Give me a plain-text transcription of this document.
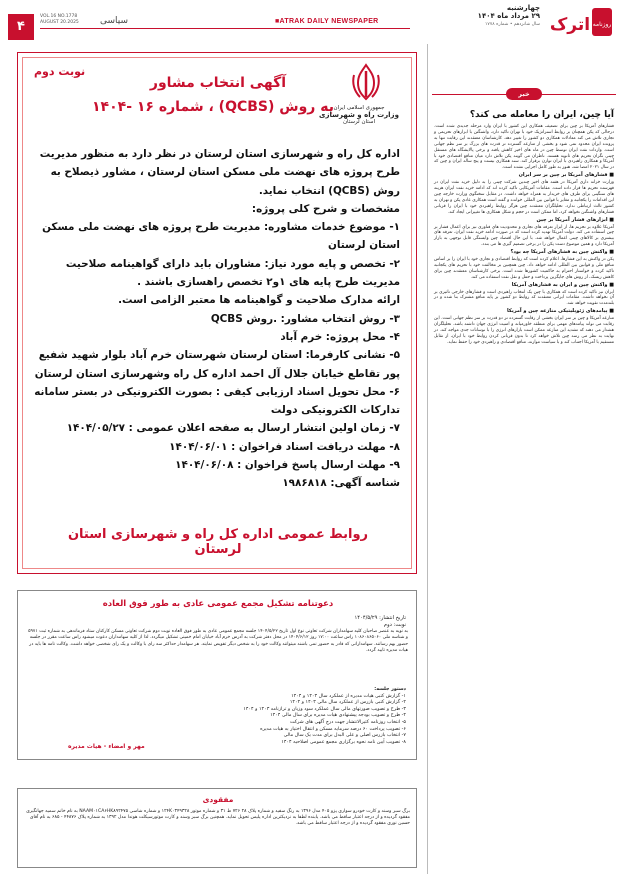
۴
VOL.16 NO.1778
AUGUST 20.2025 سیاسی	■ATRAK DAILY NEWSPAPER
چهارشنبه
۲۹ مرداد ماه ۱۴۰۴
سال شانزدهم • شماره ۱۷۷۸	روزنامه
اترک
نوبت دوم
جمهوری اسلامی ایران
وزارت راه و شهرسازی
استان لرستان
آگهی انتخاب مشاور
به روش (QCBS) ، شماره ۱۶ -۱۴۰۴

اداره کل راه و شهرسازی استان لرستان در نظر دارد به منظور مدیریت طرح پروژه های نهضت ملی مسکن استان لرستان ، مشاور ذیصلاح به روش (QCBS) انتخاب نماید.

مشخصات و شرح کلی پروژه:

۱- موضوع خدمات مشاوره: مدیریت طرح پروژه های نهضت ملی مسکن استان لرستان

۲- تخصص و پایه مورد نیاز: مشاوران باید دارای گواهینامه صلاحیت مدیریت طرح پایه های ۱و۲ تخصص راهسازی باشند .

ارائه مدارک صلاحیت و گواهینامه ها معتبر الزامی است.

۳- روش انتخاب مشاور: .روش QCBS

۴- محل پروژه: خرم آباد

۵- نشانی کارفرما: استان لرستان شهرستان خرم آباد بلوار شهید شفیع پور تقاطع خیابان جلال آل احمد اداره کل راه وشهرسازی استان لرستان

۶- محل تحویل اسناد ارزیابی کیفی : بصورت الکترونیکی در بستر سامانه تدارکات الکترونیکی دولت

۷- زمان اولین انتشار ارسال به صفحه اعلان عمومی : ۱۴۰۴/۰۵/۲۷

۸- مهلت دریافت اسناد فراخوان : ۱۴۰۴/۰۶/۰۱

۹- مهلت ارسال پاسخ فراخوان : ۱۴۰۴/۰۶/۰۸

شناسه آگهی: ۱۹۸۶۸۱۸

روابط عمومی اداره کل راه و شهرسازی استان لرستان
دعوتنامه تشکیل مجمع عمومی عادی به طور فوق العاده
تاریخ انتشار: ۱۴۰۴/۵/۲۹
نوبت: دوم
به نوبه به عنصر صاحبان کلیه سهامداران شرکت تعاونی نوع اول تاریخ ۱۴۰۴/۵/۲۲ جلسه مجمع عمومی عادی به طور فوق العاده نوبت دوم شرکت تعاونی مسکن کارکنان ستاد فرماندهی به شماره ثبت ۵۹۷۱ و شناسه ملی ۱۰۸۶۰۸۶۵۰۶۰ راس ساعت ۱۷:۰۰ روز ۱۴۰۴/۶/۱۲ در محل دفتر شرکت به آدرس خرم آباد خیابان امام خمینی تشکیل میگردد. لذا از کلیه سهامداران دعوت میشود راس ساعت مقرر در جلسه حضور بهم رسانند. سهامدارانی که قادر به حضور نمی باشند میتوانند وکالت خود را به شخص دیگر تفویض نمایند. هر سهامدار حداکثر سه رای با وکالت و یک رای شخصی خواهد داشت. وکالت نامه ها باید در هیات مدیره تایید گردد.
دستور جلسه:
۱- گزارش کتبی هیات مدیره از عملکرد سال ۱۴۰۳ و ۱۴۰۴
۲- گزارش کتبی بازرس از عملکرد سال مالی ۱۴۰۳ و ۱۴۰۴
۳- طرح و تصویب صورتهای مالی سال عملکرد سود وزیان و ترازنامه ۱۴۰۳ و ۱۴۰۴
۴- طرح و تصویب بودجه پیشنهادی هیات مدیره برای سال مالی ۱۴۰۴
۵- انتخاب روزنامه کثیرالانتشار جهت درج آگهی های شرکت
۶- تصویب پرداخت ۶۰ درصد سرمایه مسکن و انتقال اختیار به هیات مدیره
۷- انتخاب بازرس اصلی و علی البدل برای مدت یک سال مالی
۸- تصویب آیین نامه نحوه برگزاری مجمع عمومی اصلاحیه ۱۴۰۴
مهر و امضاء - هیات مدیره
مفقودی
برگ سبز وسند و کارت خودرو سواری پژو ۴۰۵ مدل ۱۳۹۶ به رنگ سفید و شماره پلاک ۲۸ ۷۲۶ ط ۳۱ و شماره موتور ۱۲۴K۰۳۴۹۳۲۸ و شماره شاسی NAAM۰۱CA۶HK۸۹۲۴۷۵ به نام خانم سمیه جهانگیری مفقود گردیده و از درجه اعتبار ساقط می باشد. یابنده لطفا به نزدیکترین اداره پلیس تحویل نماید. همچنین برگ سبز وسند و کارت موتورسیکلت هوندا مدل ۱۳۹۲ به شماره پلاک ۴۴۸۷۶ - ۶۸۵ به نام آقای حسین نوری مفقود گردیده و از درجه اعتبار ساقط می باشد.
خبر
آیا چین، ایران را معامله می کند؟

فشارهای آمریکا بر چین برای تضعیف همکاری این کشور با ایران وارد مرحله جدیدی شده است. درحالی که پکن همچنان بر روابط استراتژیک خود با تهران تاکید دارد، واشنگتن با ابزارهای تحریمی و تجاری تلاش می کند معادلات همکاری دو کشور را تغییر دهد. کارشناسان معتقدند این رقابت تنها به پرونده ایران محدود نمی شود و بخشی از منازعه گسترده تر قدرت های بزرگ بر سر نظم جهانی است. واردات نفت ایران توسط چین در ماه های اخیر کاهش یافته و برخی پالایشگاه های مستقل چینی نگران تحریم های ثانویه هستند. ناظران می گویند پکن تلاش دارد میان منافع اقتصادی خود با آمریکا و همکاری راهبردی با ایران توازن برقرار کند. سند همکاری بیست و پنج ساله ایران و چین که در سال ۲۰۲۱ امضا شد، هنوز به طور کامل اجرایی نشده است.

■ فشارهای آمریکا بر چین بر سر ایران

وزارت خزانه داری آمریکا در هفته های اخیر چندین شرکت چینی را به دلیل خرید نفت ایران در فهرست تحریم ها قرار داده است. مقامات آمریکایی تاکید کرده اند که ادامه خرید نفت ایران هزینه های سنگینی برای طرف های خریدار به همراه خواهد داشت. در مقابل سخنگوی وزارت خارجه چین این اقدامات را یکجانبه و مغایر با قوانین بین المللی خوانده و گفته است همکاری عادی پکن و تهران به کشور ثالث ارتباطی ندارد. تحلیلگران معتقدند چین هرگز روابط راهبردی خود با ایران را قربانی فشارهای واشنگتن نخواهد کرد، اما ممکن است در حجم و شکل همکاری ها تغییراتی ایجاد کند.

■ ابزارهای فشار آمریکا بر چین

آمریکا علاوه بر تحریم ها، از ابزار تعرفه های تجاری و محدودیت های فناوری نیز برای اعمال فشار بر چین استفاده می کند. دولت آمریکا تهدید کرده است که در صورت ادامه خرید نفت ایران، تعرفه های بیشتری بر کالاهای چینی اعمال خواهد شد. با این حال اقتصاد چین وابستگی قابل توجهی به بازار آمریکا دارد و همین موضوع دست پکن را در برخی تصمیم گیری ها می بندد.

■ واکنش چین به فشارهای آمریکا چه بود؟

پکن در واکنش به این فشارها، اعلام کرده است که روابط اقتصادی و تجاری خود با ایران را بر اساس منافع ملی و قوانین بین المللی ادامه خواهد داد. چین همچنین بر مخالفت خود با تحریم های یکجانبه تاکید کرده و خواستار احترام به حاکمیت کشورها شده است. برخی کارشناسان معتقدند چین برای کاهش ریسک، از روش های جایگزین پرداخت و حمل و نقل نفت استفاده می کند.

■ واکنش چین و ایران به فشارهای آمریکا

ایران نیز تاکید کرده است که همکاری با چین یک انتخاب راهبردی است و فشارهای خارجی تاثیری بر آن نخواهد داشت. مقامات ایرانی معتقدند که روابط دو کشور بر پایه منافع مشترک بنا شده و در بلندمدت تقویت خواهد شد.

■ پیامدهای ژئوپلیتیکی منازعه چین و آمریکا

منازعه آمریکا و چین بر سر ایران بخشی از رقابت گسترده تر دو قدرت بر سر نظم جهانی است. این رقابت می تواند پیامدهای مهمی برای منطقه خاورمیانه و امنیت انرژی جهان داشته باشد. تحلیلگران هشدار می دهند که تشدید این منازعه ممکن است بازارهای انرژی را با نوسانات جدی مواجه کند. در نهایت به نظر می رسد چین تلاش خواهد کرد تا بدون قربانی کردن روابط خود با ایران، از تقابل مستقیم با آمریکا اجتناب کند و با سیاست موازنه، منافع اقتصادی و راهبردی خود را حفظ نماید.
